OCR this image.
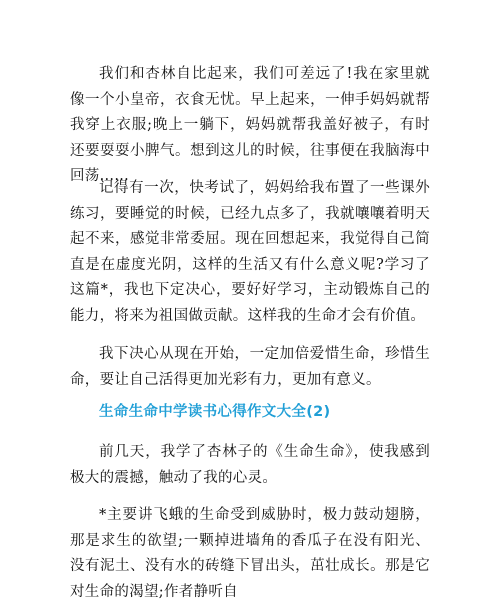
我们和杏林自比起来，我们可差远了!我在家里就像一个小皇帝，衣食无忧。早上起来，一伸手妈妈就帮我穿上衣服;晚上一躺下，妈妈就帮我盖好被子，有时还要耍耍小脾气。想到这儿的时候，往事便在我脑海中回荡......

记得有一次，快考试了，妈妈给我布置了一些课外练习，要睡觉的时候，已经九点多了，我就嚷嚷着明天起不来，感觉非常委屈。现在回想起来，我觉得自己简直是在虚度光阴，这样的生活又有什么意义呢?学习了这篇*，我也下定决心，要好好学习，主动锻炼自己的能力，将来为祖国做贡献。这样我的生命才会有价值。

我下决心从现在开始，一定加倍爱惜生命，珍惜生命，要让自己活得更加光彩有力，更加有意义。

生命生命中学读书心得作文大全(2)

前几天，我学了杏林子的《生命生命》，使我感到极大的震撼，触动了我的心灵。

*主要讲飞蛾的生命受到威胁时，极力鼓动翅膀，那是求生的欲望;一颗掉进墙角的香瓜子在没有阳光、没有泥土、没有水的砖缝下冒出头，茁壮成长。那是它对生命的渴望;作者静听自
